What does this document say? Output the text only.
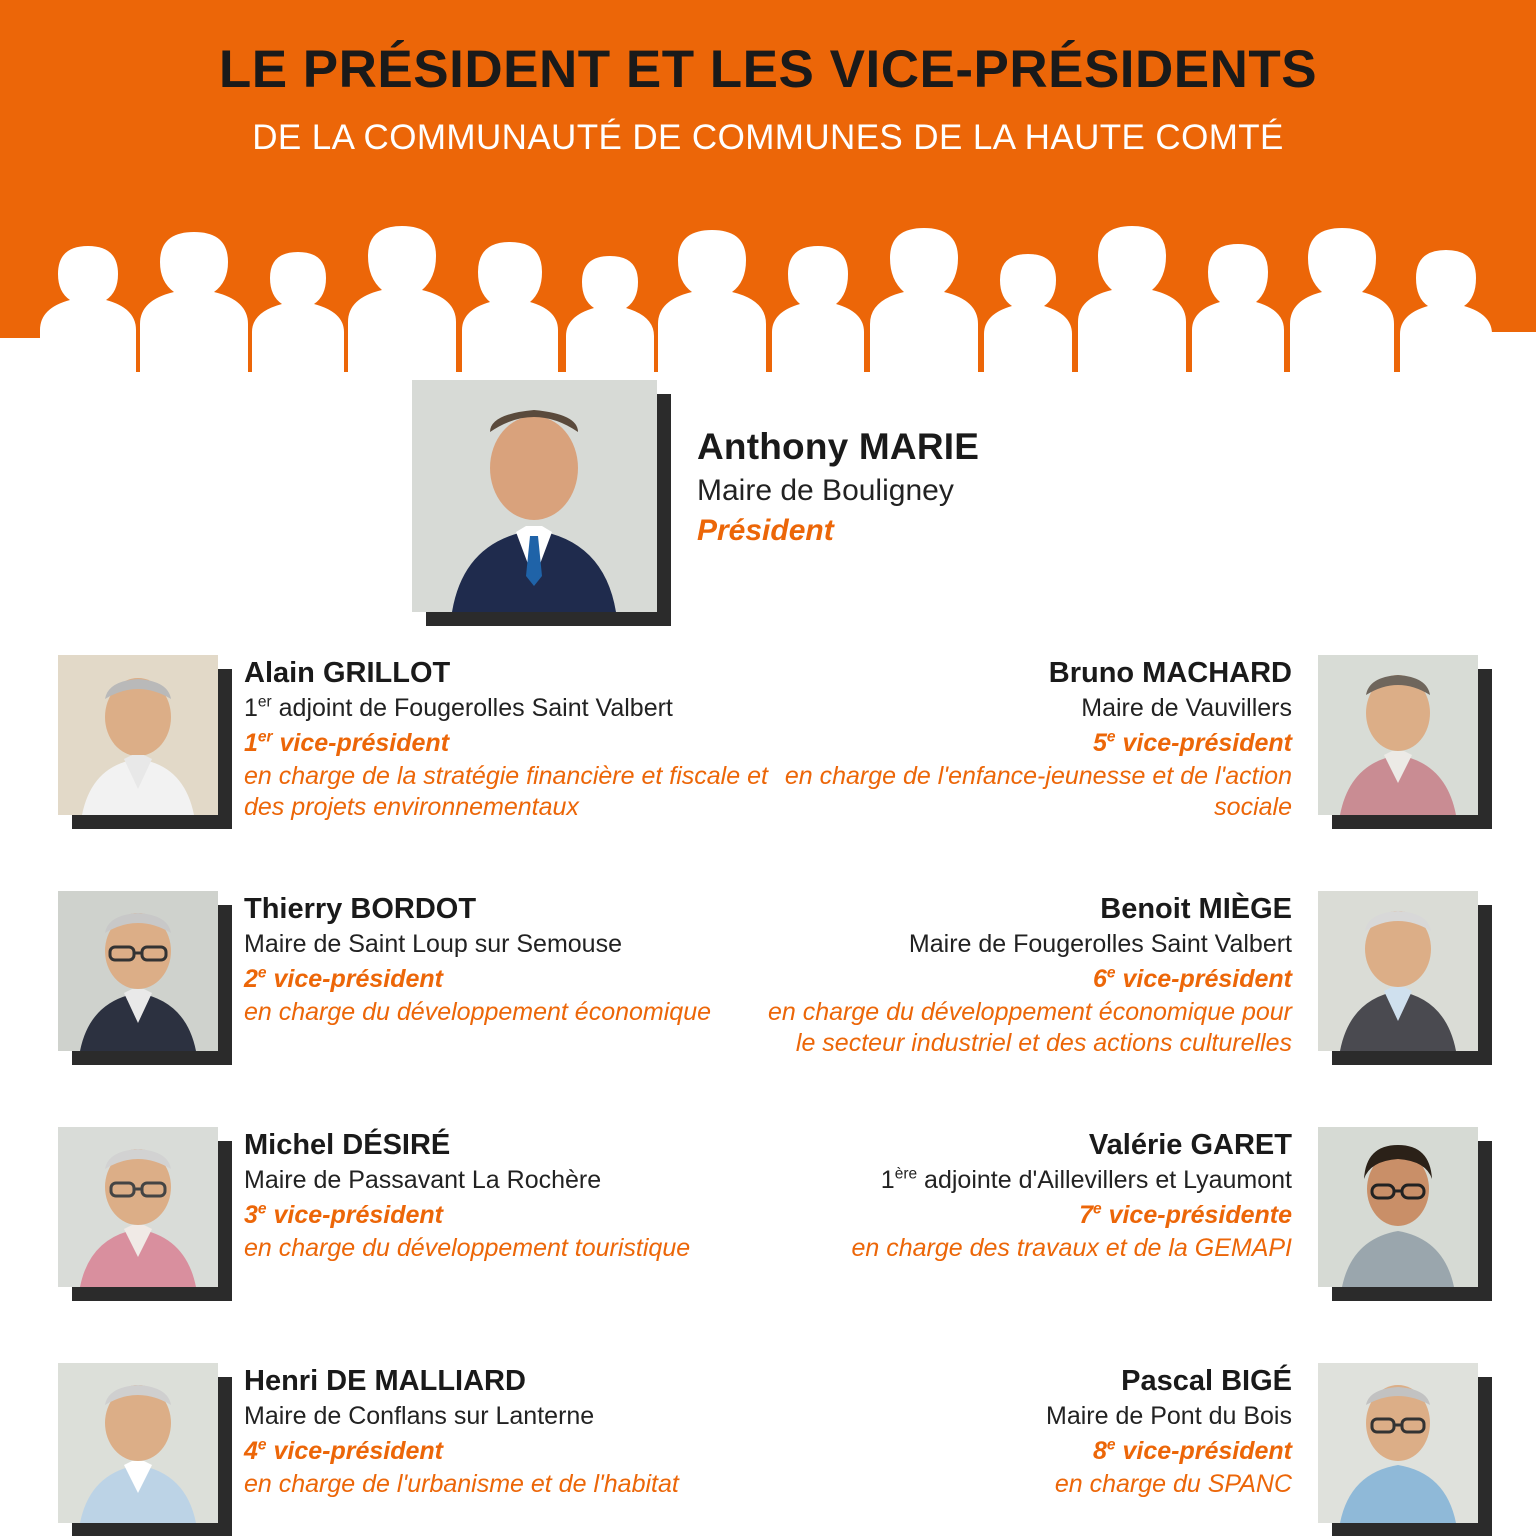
LE PRÉSIDENT ET LES VICE-PRÉSIDENTS
DE LA COMMUNAUTÉ DE COMMUNES DE LA HAUTE COMTÉ
Anthony MARIE
Maire de Bouligney
Président
Alain GRILLOT
1er adjoint de Fougerolles Saint Valbert
1er vice-président
en charge de la stratégie financière et fiscale et des projets environnementaux
Thierry BORDOT
Maire de Saint Loup sur Semouse
2e vice-président
en charge du développement économique
Michel DÉSIRÉ
Maire de Passavant La Rochère
3e vice-président
en charge du développement touristique
Henri DE MALLIARD
Maire de Conflans sur Lanterne
4e vice-président
en charge de l'urbanisme et de l'habitat
Bruno MACHARD
Maire de Vauvillers
5e vice-président
en charge de l'enfance-jeunesse et de l'action sociale
Benoit MIÈGE
Maire de Fougerolles Saint Valbert
6e vice-président
en charge du développement économique pour le secteur industriel et des actions culturelles
Valérie GARET
1ère adjointe d'Aillevillers et Lyaumont
7e vice-présidente
en charge des travaux et de la GEMAPI
Pascal BIGÉ
Maire de Pont du Bois
8e vice-président
en charge du SPANC
